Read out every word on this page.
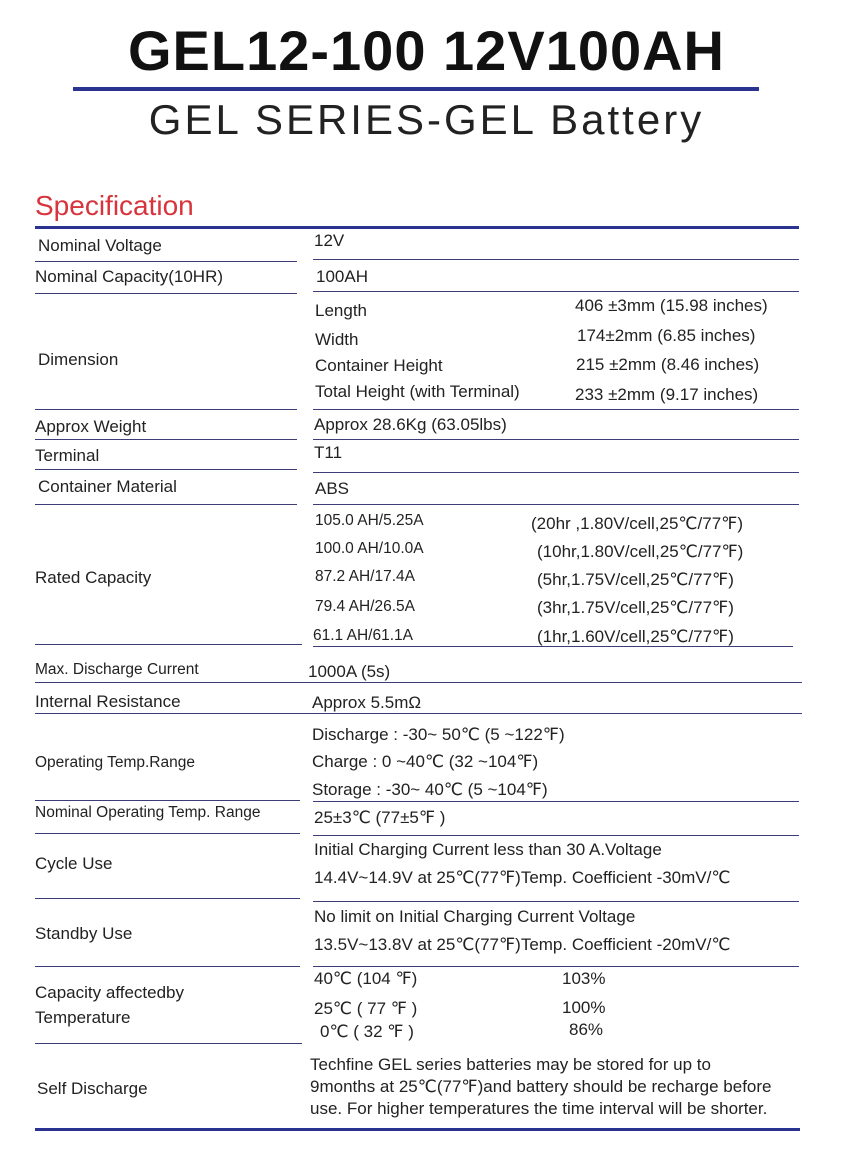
GEL12-100 12V100AH
GEL SERIES-GEL Battery
Specification
Nominal Voltage	12V
Nominal Capacity(10HR)	100AH
Dimension
Length	406 ±3mm (15.98 inches)
Width	174±2mm (6.85 inches)
Container Height	215 ±2mm (8.46 inches)
Total Height (with Terminal)	233 ±2mm (9.17 inches)
Approx Weight	Approx 28.6Kg (63.05lbs)
Terminal	T11
Container Material	ABS
Rated Capacity
105.0 AH/5.25A	(20hr ,1.80V/cell,25℃/77℉)
100.0 AH/10.0A	(10hr,1.80V/cell,25℃/77℉)
87.2 AH/17.4A	(5hr,1.75V/cell,25℃/77℉)
79.4 AH/26.5A	(3hr,1.75V/cell,25℃/77℉)
61.1 AH/61.1A	(1hr,1.60V/cell,25℃/77℉)
Max. Discharge Current	1000A (5s)
Internal Resistance	Approx 5.5mΩ
Operating Temp.Range
Discharge : -30~ 50℃ (5 ~122℉)
Charge : 0 ~40℃ (32 ~104℉)
Storage : -30~ 40℃ (5 ~104℉)
Nominal Operating Temp. Range	25±3℃ (77±5℉ )
Cycle Use
Initial Charging Current less than 30 A.Voltage
14.4V~14.9V at 25℃(77℉)Temp. Coefficient -30mV/℃
Standby Use
No limit on Initial Charging Current Voltage
13.5V~13.8V at 25℃(77℉)Temp. Coefficient -20mV/℃
Capacity affectedby
Temperature
40℃ (104 ℉)	103%
25℃ ( 77 ℉ )	100%
0℃ ( 32 ℉ )	86%
Self Discharge
Techfine GEL series batteries may be stored for up to
9months at 25℃(77℉)and battery should be recharge before
use. For higher temperatures the time interval will be shorter.
